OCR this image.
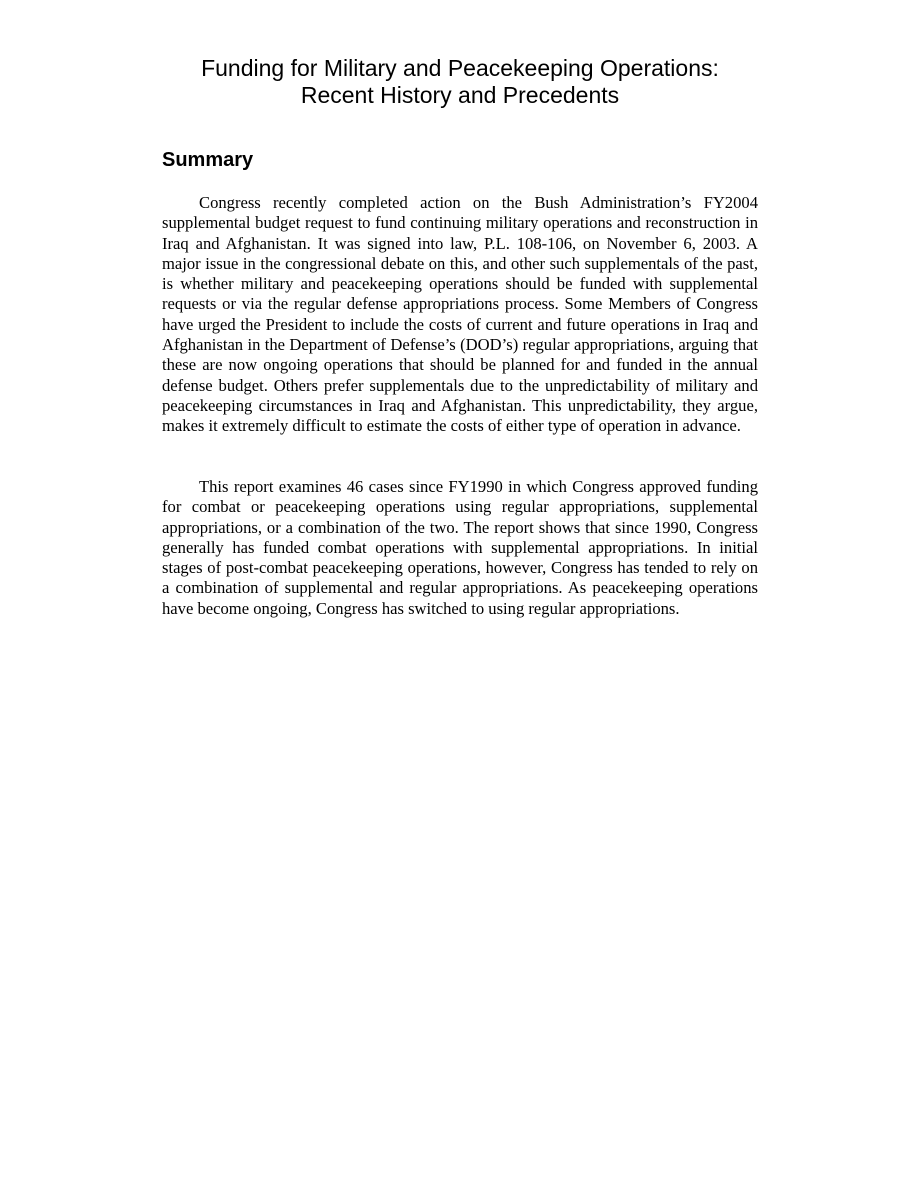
Funding for Military and Peacekeeping Operations:
Recent History and Precedents
Summary

Congress recently completed action on the Bush Administration’s FY2004 supplemental budget request to fund continuing military operations and reconstruction in Iraq and Afghanistan. It was signed into law, P.L. 108-106, on November 6, 2003. A major issue in the congressional debate on this, and other such supplementals of the past, is whether military and peacekeeping operations should be funded with supplemental requests or via the regular defense appropriations process. Some Members of Congress have urged the President to include the costs of current and future operations in Iraq and Afghanistan in the Department of Defense’s (DOD’s) regular appropriations, arguing that these are now ongoing operations that should be planned for and funded in the annual defense budget. Others prefer supplementals due to the unpredictability of military and peacekeeping circumstances in Iraq and Afghanistan. This unpredictability, they argue, makes it extremely difficult to estimate the costs of either type of operation in advance.

This report examines 46 cases since FY1990 in which Congress approved funding for combat or peacekeeping operations using regular appropriations, supplemental appropriations, or a combination of the two. The report shows that since 1990, Congress generally has funded combat operations with supplemental appropriations. In initial stages of post-combat peacekeeping operations, however, Congress has tended to rely on a combination of supplemental and regular appropriations. As peacekeeping operations have become ongoing, Congress has switched to using regular appropriations.
